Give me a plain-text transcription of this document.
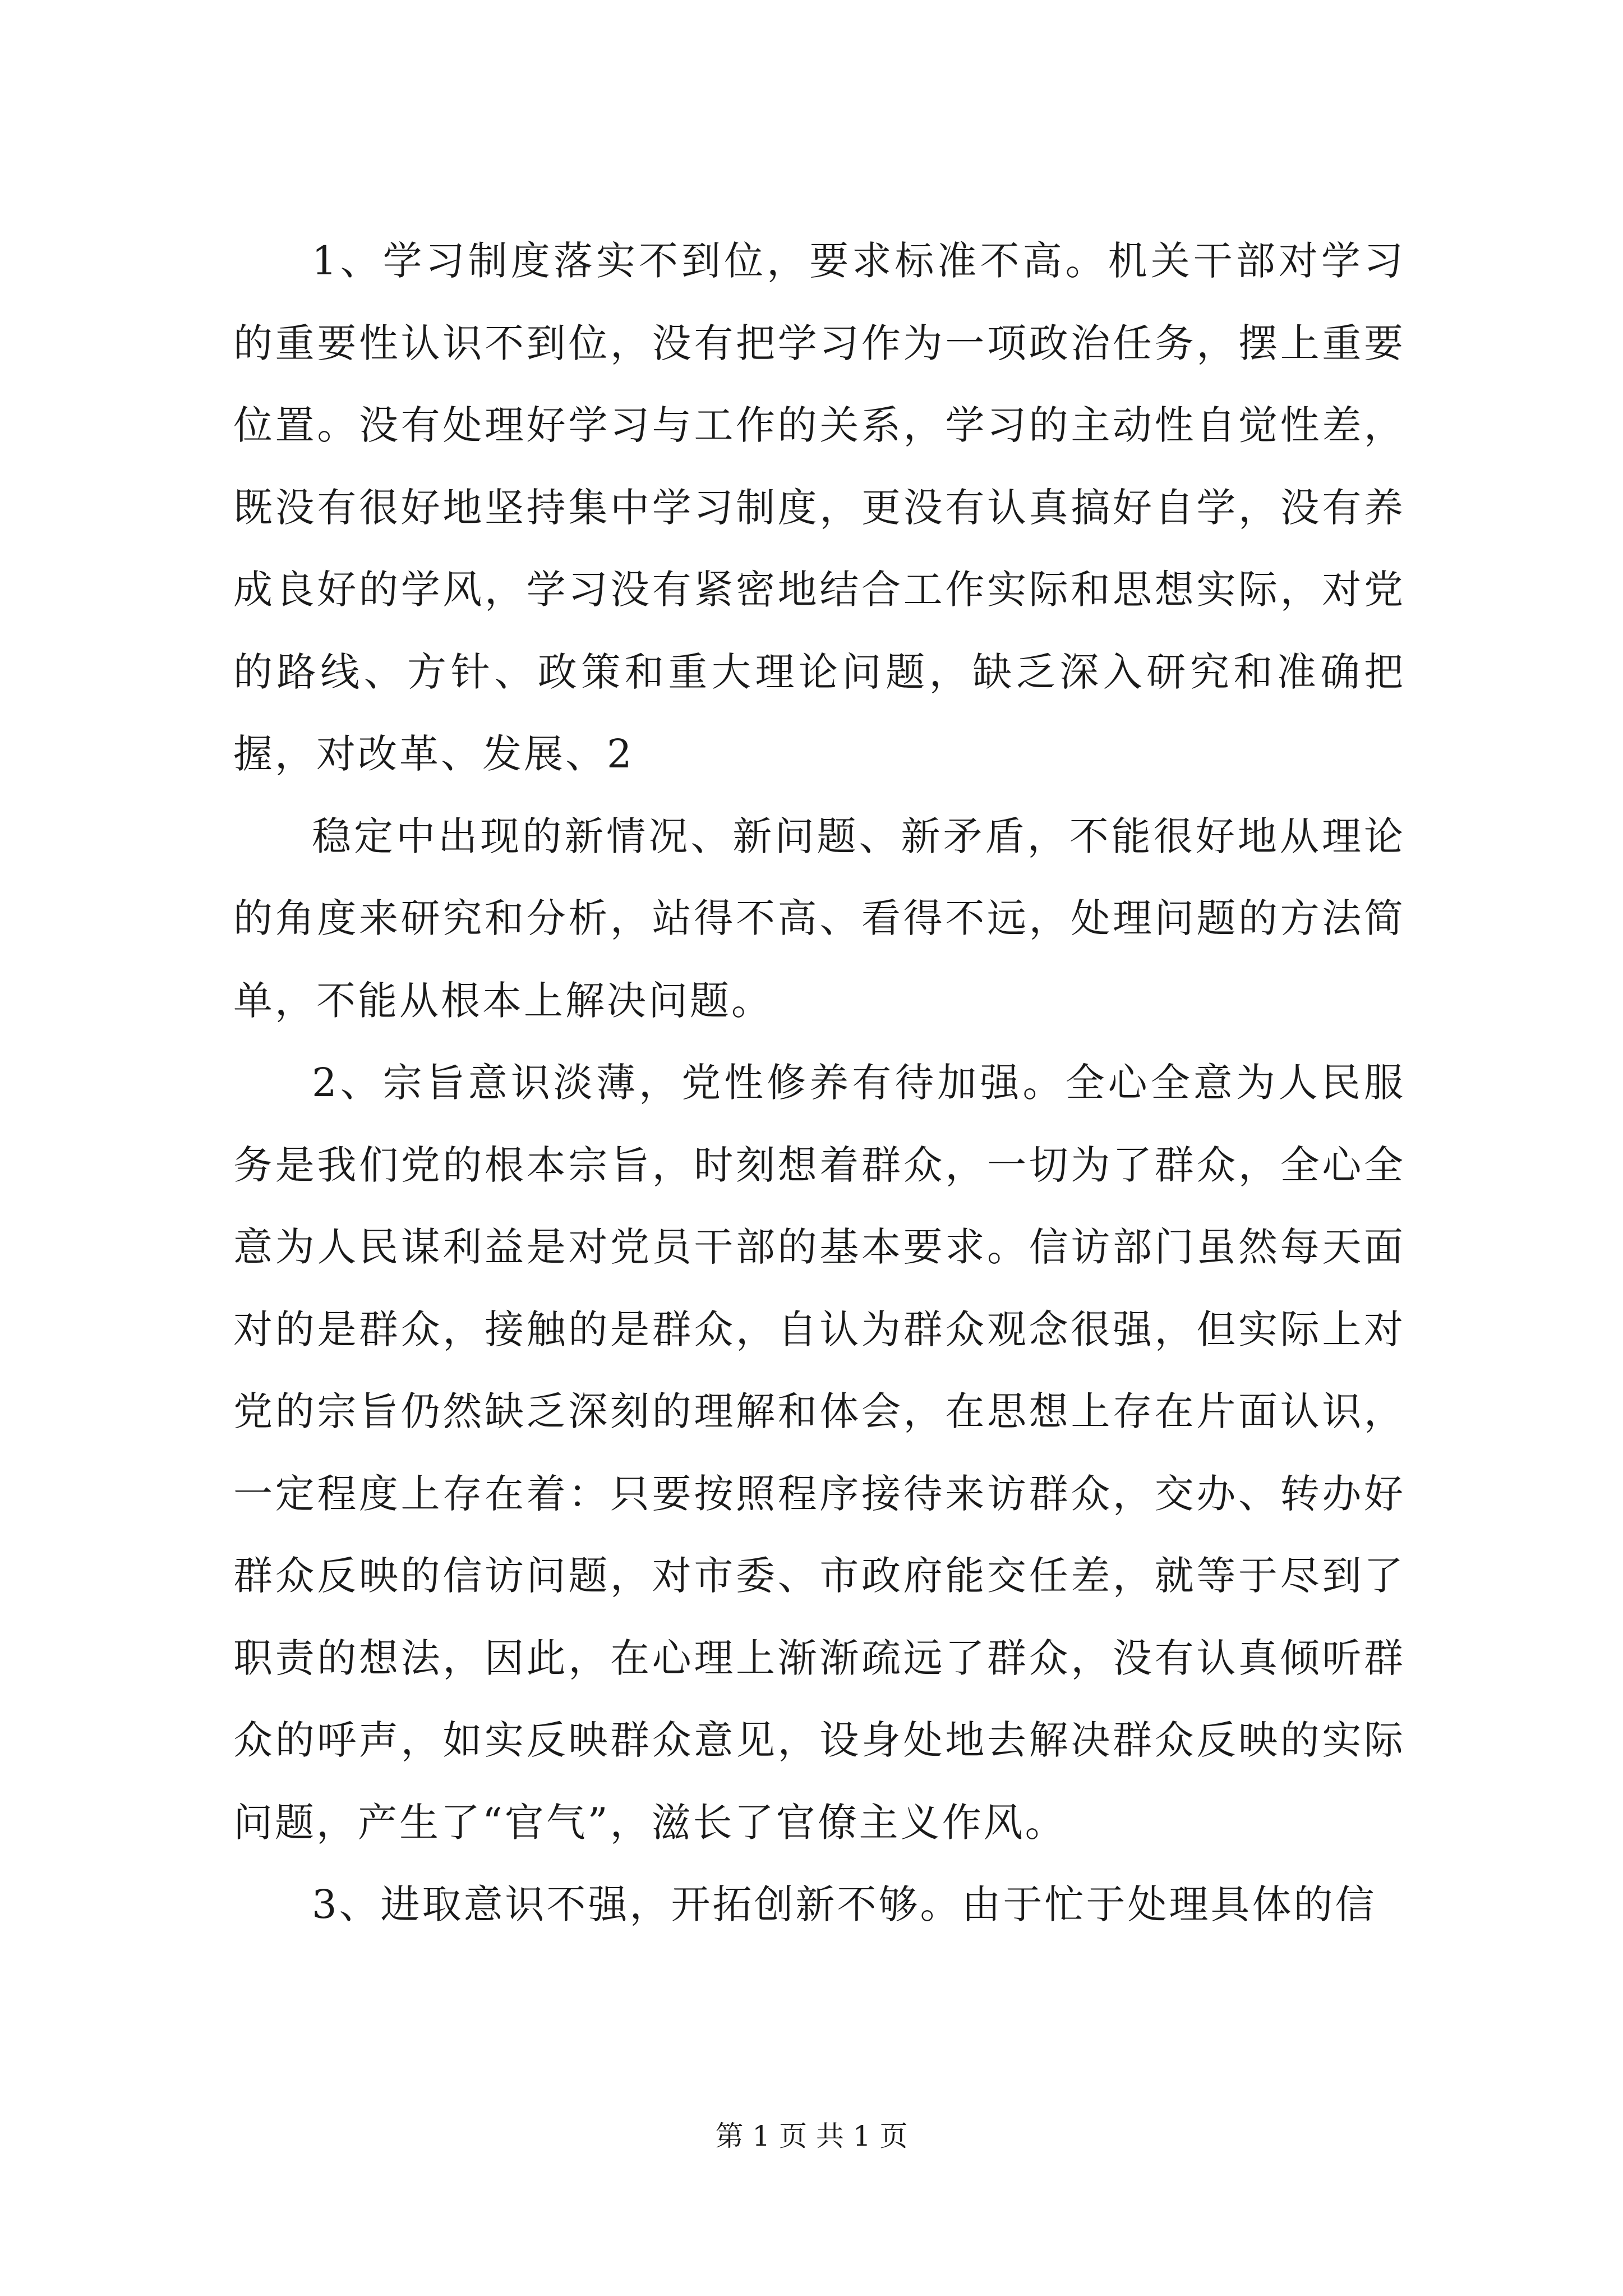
1、学习制度落实不到位，要求标准不高。机关干部对学习的重要性认识不到位，没有把学习作为一项政治任务，摆上重要位置。没有处理好学习与工作的关系，学习的主动性自觉性差，既没有很好地坚持集中学习制度，更没有认真搞好自学，没有养成良好的学风，学习没有紧密地结合工作实际和思想实际，对党的路线、方针、政策和重大理论问题，缺乏深入研究和准确把握，对改革、发展、2

稳定中出现的新情况、新问题、新矛盾，不能很好地从理论的角度来研究和分析，站得不高、看得不远，处理问题的方法简单，不能从根本上解决问题。

2、宗旨意识淡薄，党性修养有待加强。全心全意为人民服务是我们党的根本宗旨，时刻想着群众，一切为了群众，全心全意为人民谋利益是对党员干部的基本要求。信访部门虽然每天面对的是群众，接触的是群众，自认为群众观念很强，但实际上对党的宗旨仍然缺乏深刻的理解和体会，在思想上存在片面认识，一定程度上存在着：只要按照程序接待来访群众，交办、转办好群众反映的信访问题，对市委、市政府能交任差，就等于尽到了职责的想法，因此，在心理上渐渐疏远了群众，没有认真倾听群众的呼声，如实反映群众意见，设身处地去解决群众反映的实际问题，产生了“官气”，滋长了官僚主义作风。

3、进取意识不强，开拓创新不够。由于忙于处理具体的信

第 1 页 共 1 页
